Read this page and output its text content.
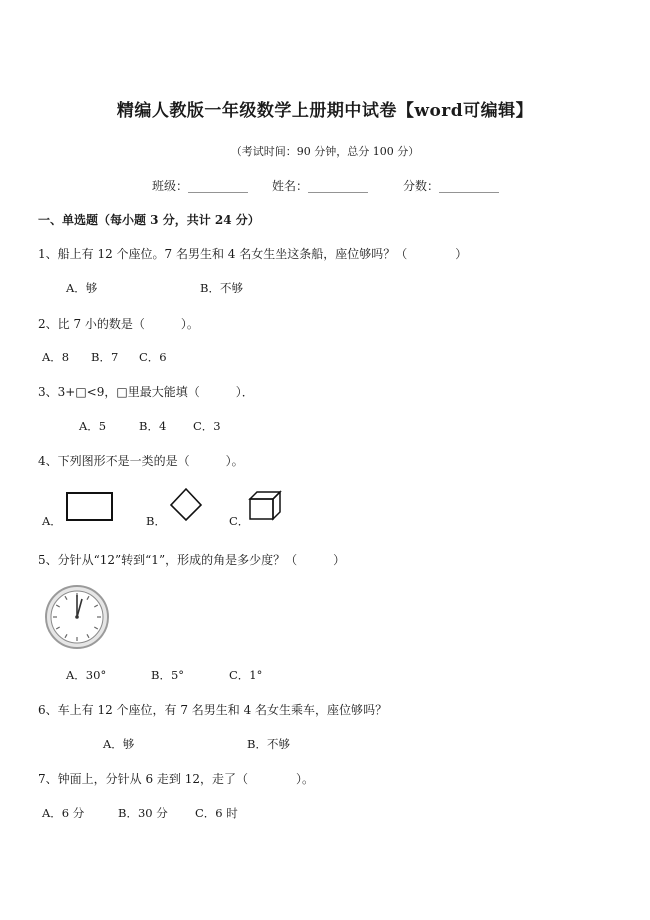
精编人教版一年级数学上册期中试卷【word可编辑】
（考试时间：90 分钟，总分 100 分）
班级：__________ 姓名：__________	分数：__________
一、单选题（每小题 3 分，共计 24 分）
1、船上有 12 个座位。7 名男生和 4 名女生坐这条船，座位够吗？（　　　　）
A．够	B．不够
2、比 7 小的数是（　　　）。
A．8 B．7 C．6
3、3+□<9，□里最大能填（　　　）．
A．5	B．4 C．3
4、下列图形不是一类的是（　　　）。
A．	B．	C．
5、分针从“12”转到“1”，形成的角是多少度？（　　　）
A．30°	B．5°	C．1°
6、车上有 12 个座位，有 7 名男生和 4 名女生乘车，座位够吗？
A．够	B．不够
7、钟面上，分针从 6 走到 12，走了（　　　　）。
A．6 分	B．30 分 C．6 时
